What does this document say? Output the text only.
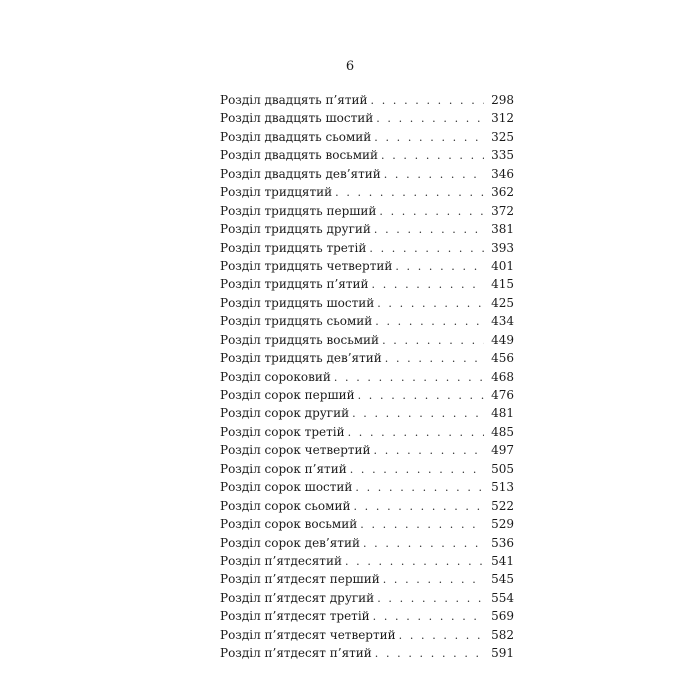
6
Розділ двадцять п’ятий . . .	298
Розділ двадцять шостий . . .	312
Розділ двадцять сьомий . . .	325
Розділ двадцять восьмий . . .	335
Розділ двадцять дев’ятий . . .	346
Розділ тридцятий . . .	362
Розділ тридцять перший . . .	372
Розділ тридцять другий . . .	381
Розділ тридцять третій . . .	393
Розділ тридцять четвертий . . .	401
Розділ тридцять п’ятий . . .	415
Розділ тридцять шостий . . .	425
Розділ тридцять сьомий . . .	434
Розділ тридцять восьмий . . .	449
Розділ тридцять дев’ятий . . .	456
Розділ сороковий . . .	468
Розділ сорок перший . . .	476
Розділ сорок другий . . .	481
Розділ сорок третій . . .	485
Розділ сорок четвертий . . .	497
Розділ сорок п’ятий . . .	505
Розділ сорок шостий . . .	513
Розділ сорок сьомий . . .	522
Розділ сорок восьмий . . .	529
Розділ сорок дев’ятий . . .	536
Розділ п’ятдесятий . . .	541
Розділ п’ятдесят перший . . .	545
Розділ п’ятдесят другий . . .	554
Розділ п’ятдесят третій . . .	569
Розділ п’ятдесят четвертий . . .	582
Розділ п’ятдесят п’ятий . . .	591
